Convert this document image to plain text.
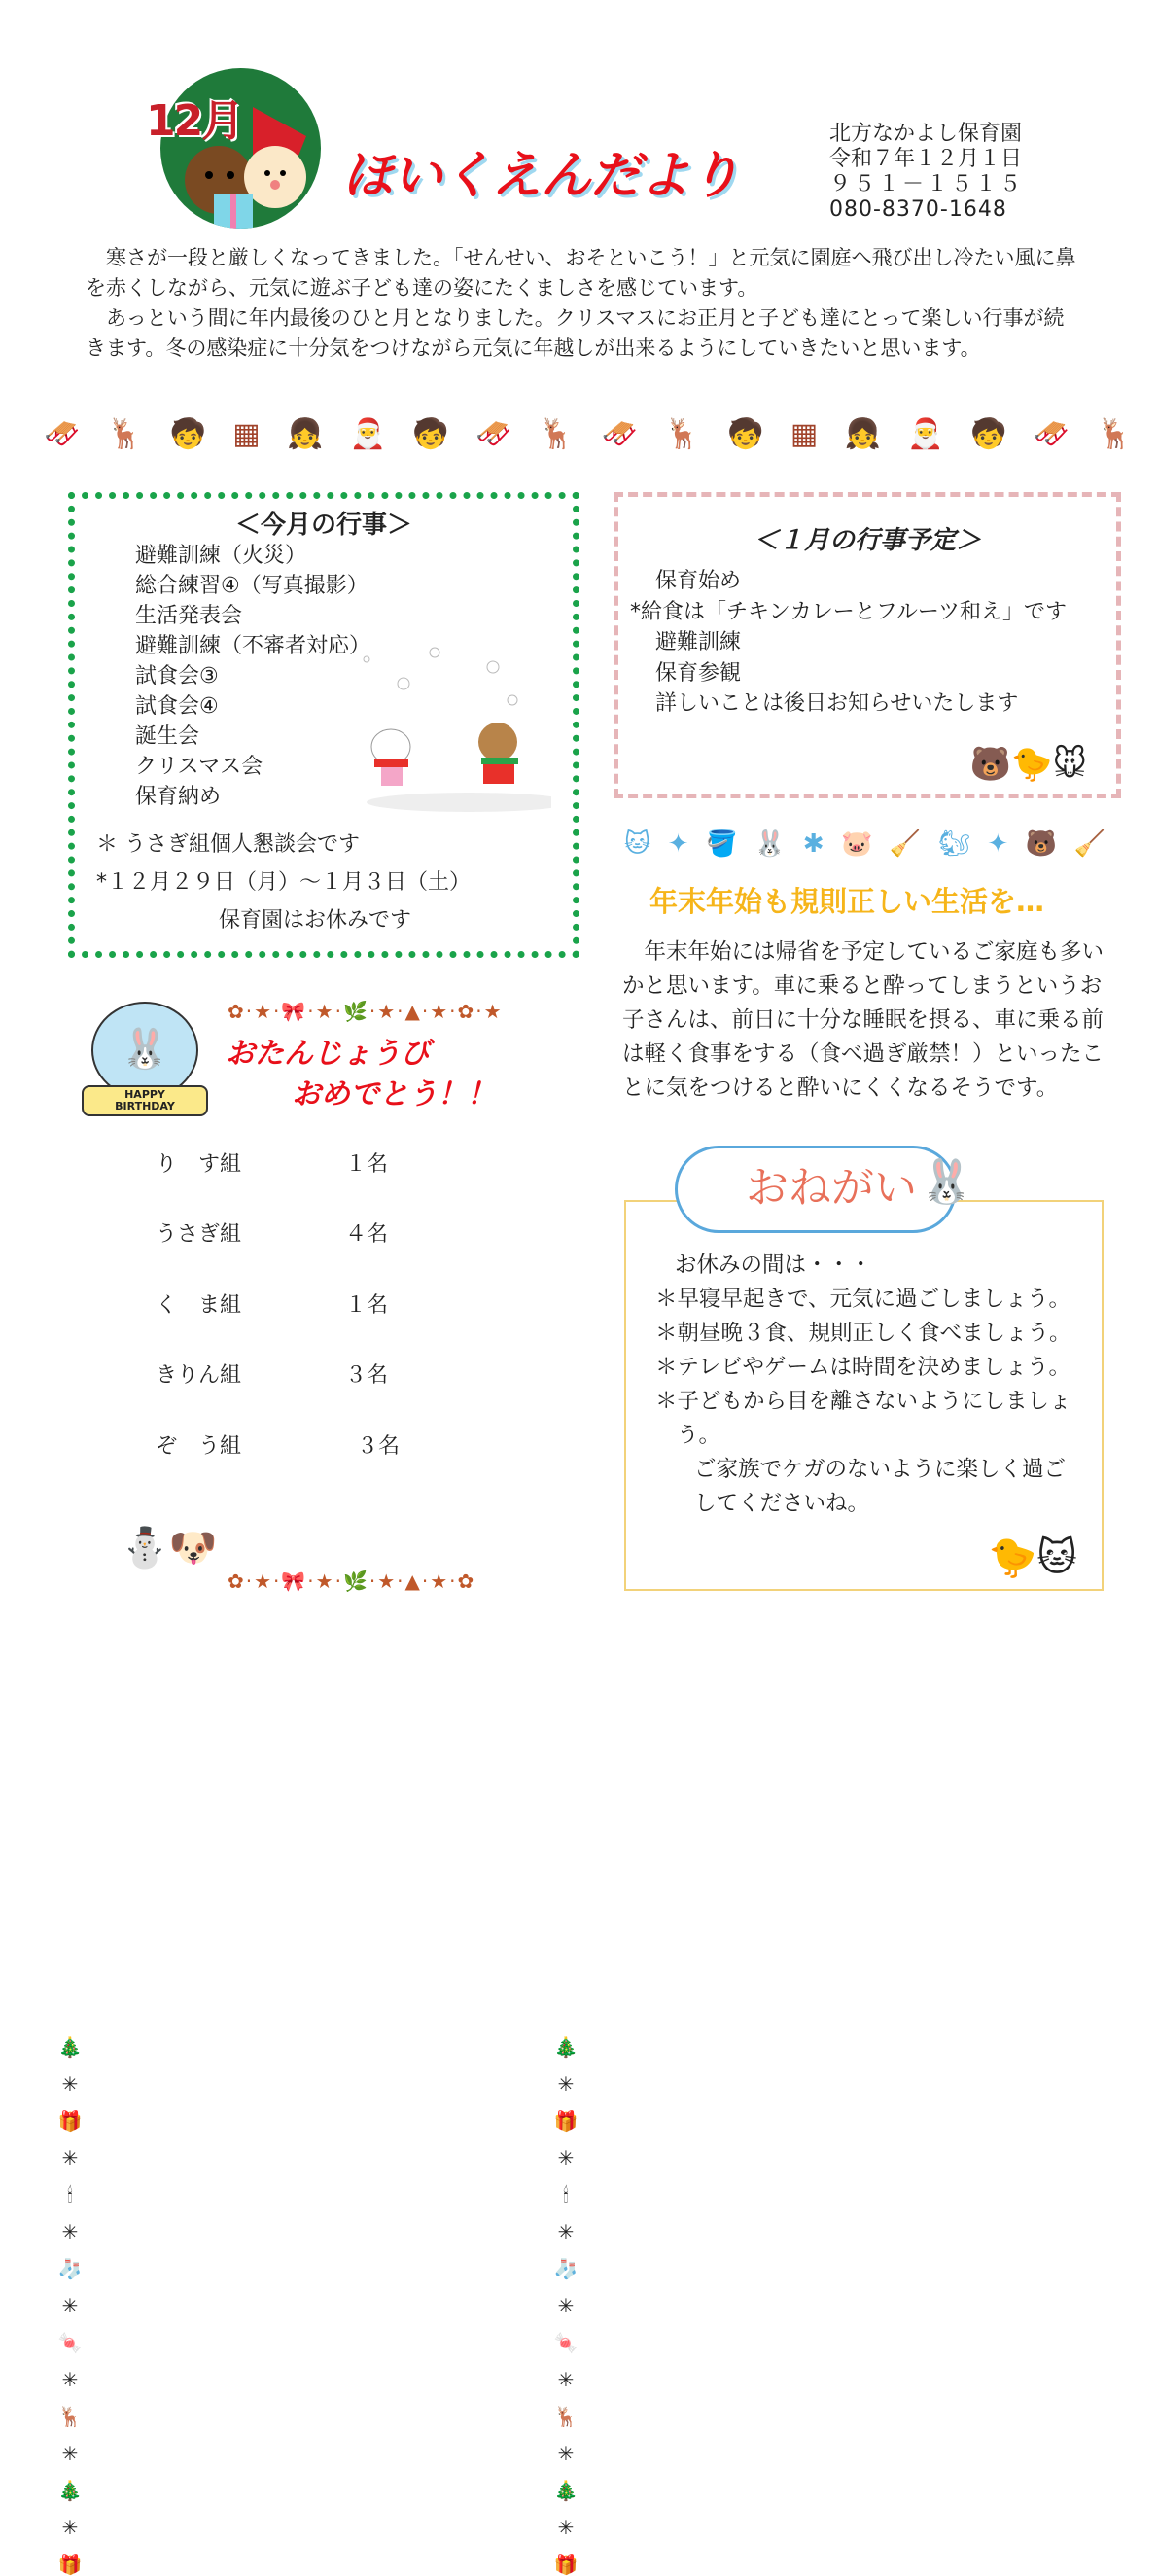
12月
ほいくえんだより
北方なかよし保育園
令和７年１２月１日
９５１－１５１５
080-8370-1648

寒さが一段と厳しくなってきました。「せんせい、おそといこう！」と元気に園庭へ飛び出し冷たい風に鼻を赤くしながら、元気に遊ぶ子ども達の姿にたくましさを感じています。

あっという間に年内最後のひと月となりました。クリスマスにお正月と子ども達にとって楽しい行事が続きます。冬の感染症に十分気をつけながら元気に年越しが出来るようにしていきたいと思います。

🛷 🦌 🧒 ▦ 👧 🎅 🧒 🛷 🦌 🛷 🦌 🧒 ▦ 👧 🎅 🧒 🛷 🦌
＜今月の行事＞
避難訓練（火災）
総合練習④（写真撮影）
生活発表会
避難訓練（不審者対応）
試食会③
試食会④
誕生会
クリスマス会
保育納め
＊ うさぎ組個人懇談会です
*１２月２９日（月）～１月３日（土）
保育園はお休みです
＜１月の行事予定＞
保育始め
*給食は「チキンカレーとフルーツ和え」です
避難訓練
保育参観
詳しいことは後日お知らせいたします
🐻🐤🐭
🐱 ✦ 🪣 🐰 ✱ 🐷 🧹 🐿 ✦ 🐻 🧹
年末年始も規則正しい生活を…
年末年始には帰省を予定しているご家庭も多いかと思います。車に乗ると酔ってしまうというお子さんは、前日に十分な睡眠を摂る、車に乗る前は軽く食事をする（食べ過ぎ厳禁！）といったことに気をつけると酔いにくくなるそうです。
おねがい 🐰
お休みの間は・・・
＊早寝早起きで、元気に過ごしましょう。
＊朝昼晩３食、規則正しく食べましょう。
＊テレビやゲームは時間を決めましょう。
＊子どもから目を離さないようにしましょう。
ご家族でケガのないように楽しく過ごしてくださいね。
🐤🐱
🐰
HAPPY BIRTHDAY
✿·★·🎀·★·🌿·★·▲·★·✿·★
🎄
✳
🎁
✳
🕯
✳
🧦
✳
🍬
✳
🦌
✳
🎄
✳
🎁
🎄
✳
🎁
✳
🕯
✳
🧦
✳
🍬
✳
🦌
✳
🎄
✳
🎁
⛄🐶
✿·★·🎀·★·🌿·★·▲·★·✿
おたんじょうび
おめでとう！！
り　す組	１名
うさぎ組	４名
く　ま組	１名
きりん組	３名
ぞ　う組	３名
